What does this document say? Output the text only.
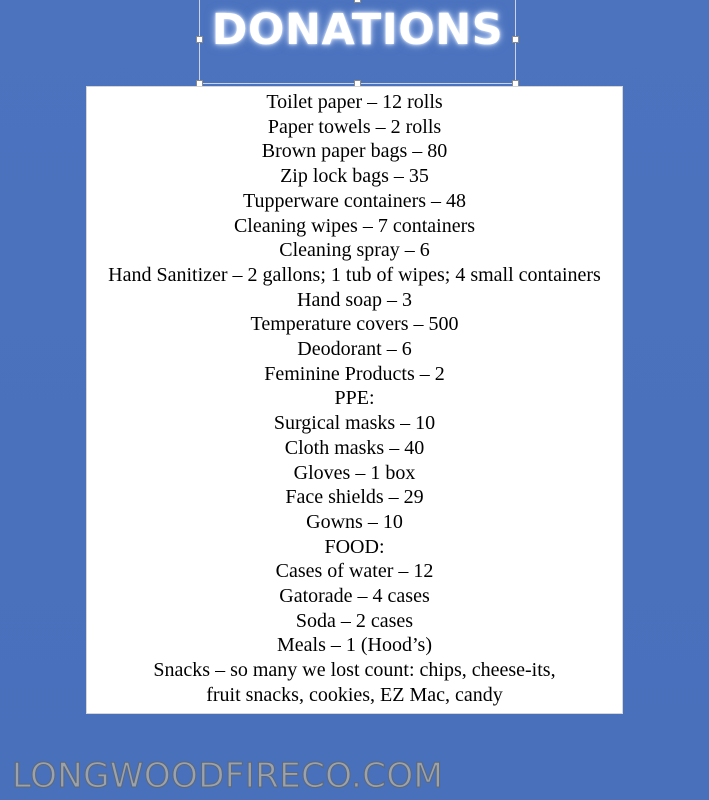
DONATIONS
Toilet paper – 12 rolls
Paper towels – 2 rolls
Brown paper bags – 80
Zip lock bags – 35
Tupperware containers – 48
Cleaning wipes – 7 containers
Cleaning spray – 6
Hand Sanitizer – 2 gallons; 1 tub of wipes; 4 small containers
Hand soap – 3
Temperature covers – 500
Deodorant – 6
Feminine Products – 2
PPE:
Surgical masks – 10
Cloth masks – 40
Gloves – 1 box
Face shields – 29
Gowns – 10
FOOD:
Cases of water – 12
Gatorade – 4 cases
Soda – 2 cases
Meals – 1 (Hood’s)
Snacks – so many we lost count: chips, cheese-its,
fruit snacks, cookies, EZ Mac, candy
LONGWOODFIRECO.COM
